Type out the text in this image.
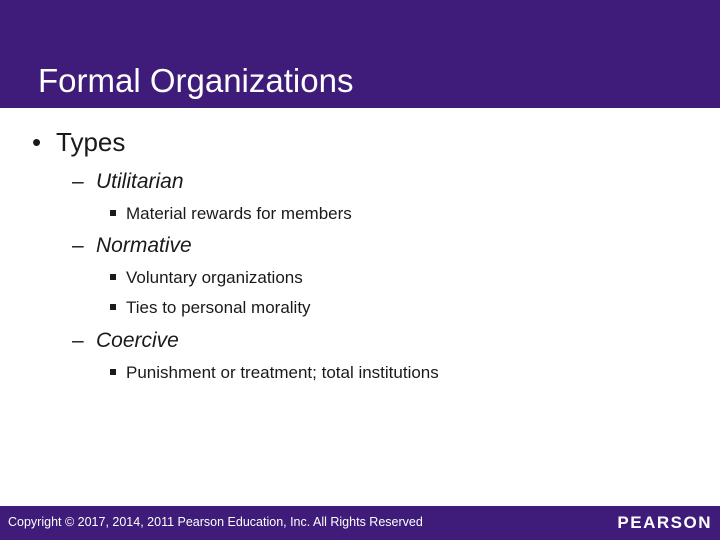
Formal Organizations
• Types
– Utilitarian
Material rewards for members
– Normative
Voluntary organizations
Ties to personal morality
– Coercive
Punishment or treatment; total institutions
Copyright © 2017, 2014, 2011 Pearson Education, Inc. All Rights Reserved	PEARSON
